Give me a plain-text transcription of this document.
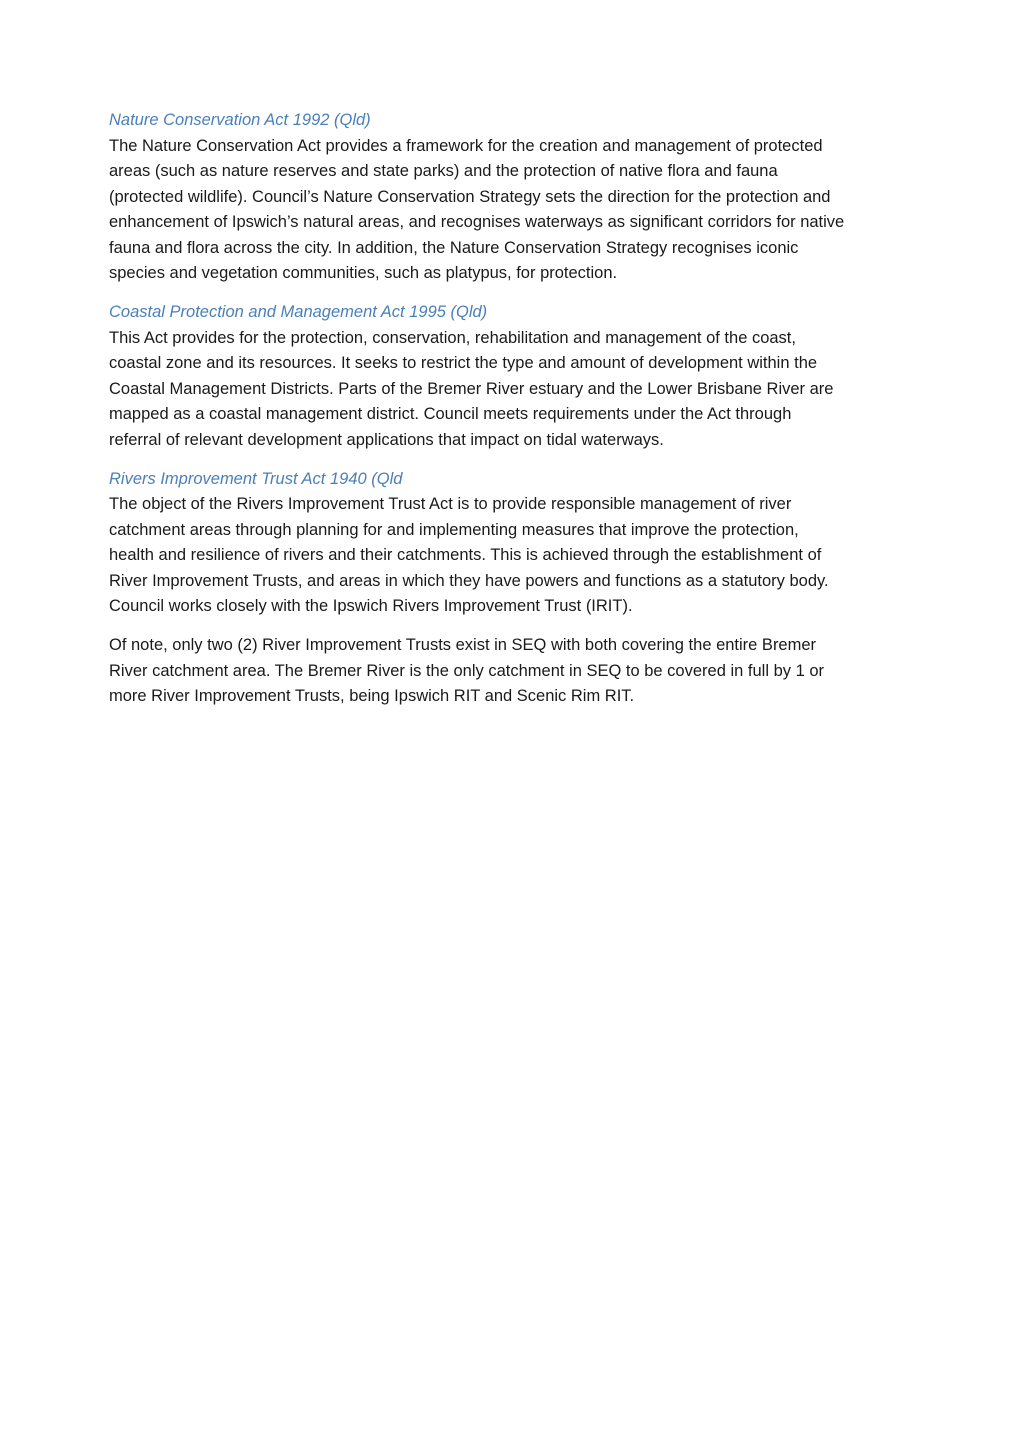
Nature Conservation Act 1992 (Qld)

The Nature Conservation Act provides a framework for the creation and management of protected
areas (such as nature reserves and state parks) and the protection of native flora and fauna
(protected wildlife). Council’s Nature Conservation Strategy sets the direction for the protection and
enhancement of Ipswich’s natural areas, and recognises waterways as significant corridors for native
fauna and flora across the city. In addition, the Nature Conservation Strategy recognises iconic
species and vegetation communities, such as platypus, for protection.

Coastal Protection and Management Act 1995 (Qld)

This Act provides for the protection, conservation, rehabilitation and management of the coast,
coastal zone and its resources. It seeks to restrict the type and amount of development within the
Coastal Management Districts. Parts of the Bremer River estuary and the Lower Brisbane River are
mapped as a coastal management district. Council meets requirements under the Act through
referral of relevant development applications that impact on tidal waterways.

Rivers Improvement Trust Act 1940 (Qld

The object of the Rivers Improvement Trust Act is to provide responsible management of river
catchment areas through planning for and implementing measures that improve the protection,
health and resilience of rivers and their catchments. This is achieved through the establishment of
River Improvement Trusts, and areas in which they have powers and functions as a statutory body.
Council works closely with the Ipswich Rivers Improvement Trust (IRIT).

Of note, only two (2) River Improvement Trusts exist in SEQ with both covering the entire Bremer
River catchment area. The Bremer River is the only catchment in SEQ to be covered in full by 1 or
more River Improvement Trusts, being Ipswich RIT and Scenic Rim RIT.
